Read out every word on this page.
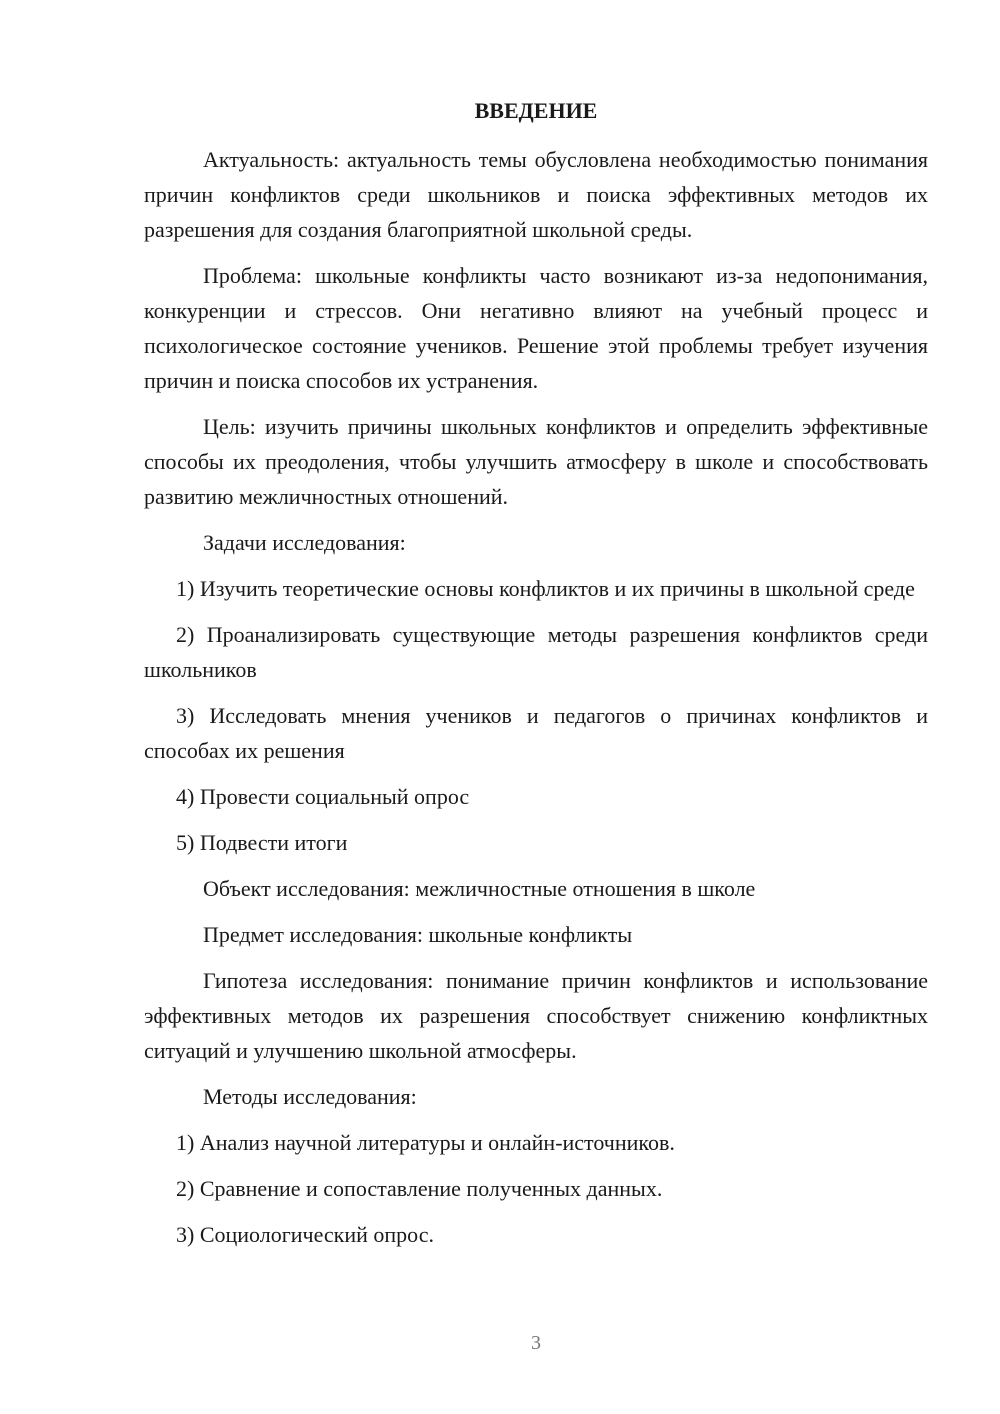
ВВЕДЕНИЕ

Актуальность: актуальность темы обусловлена необходимостью понимания причин конфликтов среди школьников и поиска эффективных методов их разрешения для создания благоприятной школьной среды.

Проблема: школьные конфликты часто возникают из-за недопонимания, конкуренции и стрессов. Они негативно влияют на учебный процесс и психологическое состояние учеников. Решение этой проблемы требует изучения причин и поиска способов их устранения.

Цель: изучить причины школьных конфликтов и определить эффективные способы их преодоления, чтобы улучшить атмосферу в школе и способствовать развитию межличностных отношений.

Задачи исследования:

1) Изучить теоретические основы конфликтов и их причины в школьной среде

2) Проанализировать существующие методы разрешения конфликтов среди школьников

3) Исследовать мнения учеников и педагогов о причинах конфликтов и способах их решения

4) Провести социальный опрос

5) Подвести итоги

Объект исследования: межличностные отношения в школе

Предмет исследования: школьные конфликты

Гипотеза исследования: понимание причин конфликтов и использование эффективных методов их разрешения способствует снижению конфликтных ситуаций и улучшению школьной атмосферы.

Методы исследования:

1) Анализ научной литературы и онлайн-источников.

2) Сравнение и сопоставление полученных данных.

3) Социологический опрос.

3
